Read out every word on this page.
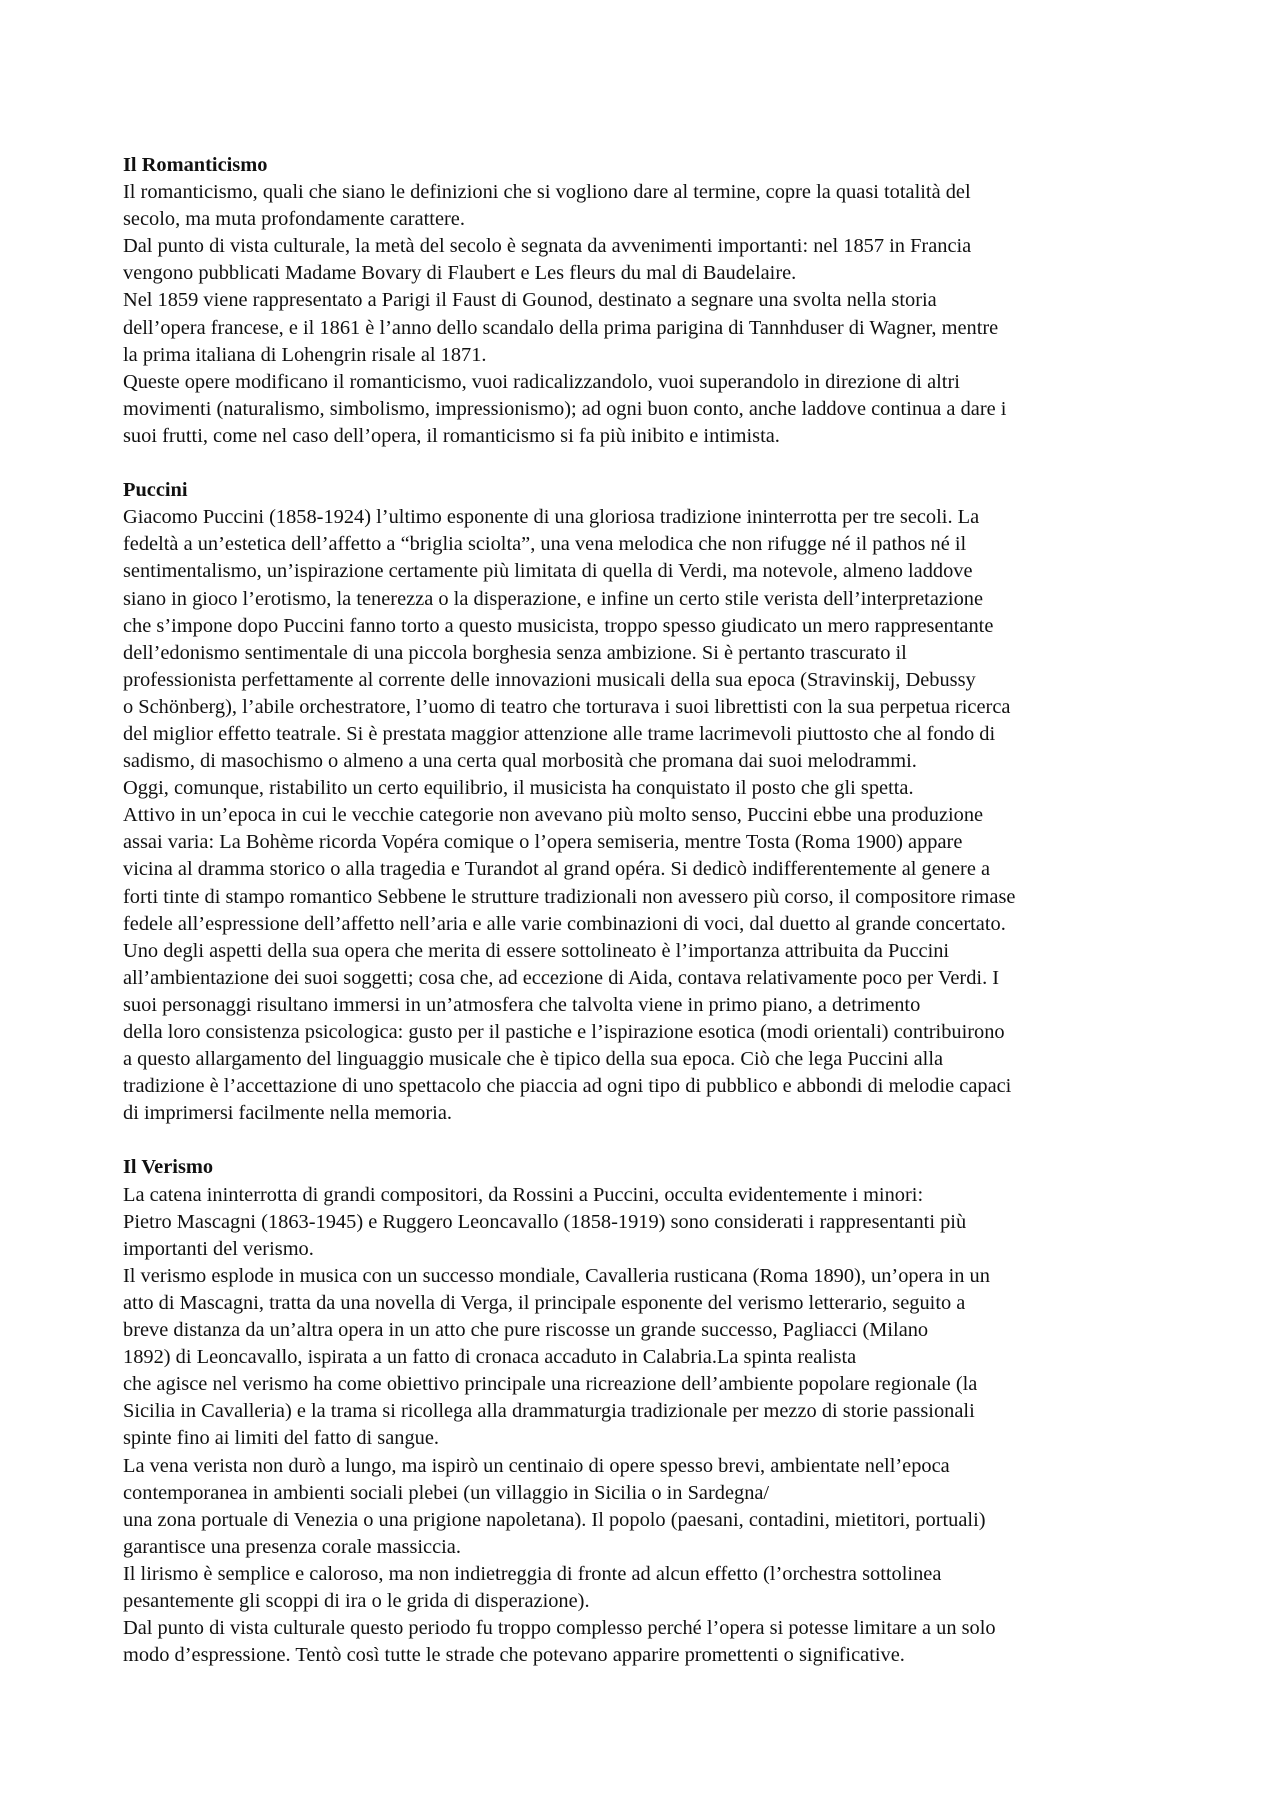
Il Romanticismo
Il romanticismo, quali che siano le definizioni che si vogliono dare al termine, copre la quasi totalità del
secolo, ma muta profondamente carattere.
Dal punto di vista culturale, la metà del secolo è segnata da avvenimenti importanti: nel 1857 in Francia
vengono pubblicati Madame Bovary di Flaubert e Les fleurs du mal di Baudelaire.
Nel 1859 viene rappresentato a Parigi il Faust di Gounod, destinato a segnare una svolta nella storia
dell’opera francese, e il 1861 è l’anno dello scandalo della prima parigina di Tannhduser di Wagner, mentre
la prima italiana di Lohengrin risale al 1871.
Queste opere modificano il romanticismo, vuoi radicalizzandolo, vuoi superandolo in direzione di altri
movimenti (naturalismo, simbolismo, impressionismo); ad ogni buon conto, anche laddove continua a dare i
suoi frutti, come nel caso dell’opera, il romanticismo si fa più inibito e intimista.
Puccini
Giacomo Puccini (1858-1924) l’ultimo esponente di una gloriosa tradizione ininterrotta per tre secoli. La
fedeltà a un’estetica dell’affetto a “briglia sciolta”, una vena melodica che non rifugge né il pathos né il
sentimentalismo, un’ispirazione certamente più limitata di quella di Verdi, ma notevole, almeno laddove
siano in gioco l’erotismo, la tenerezza o la disperazione, e infine un certo stile verista dell’interpretazione
che s’impone dopo Puccini fanno torto a questo musicista, troppo spesso giudicato un mero rappresentante
dell’edonismo sentimentale di una piccola borghesia senza ambizione. Si è pertanto trascurato il
professionista perfettamente al corrente delle innovazioni musicali della sua epoca (Stravinskij, Debussy
o Schönberg), l’abile orchestratore, l’uomo di teatro che torturava i suoi librettisti con la sua perpetua ricerca
del miglior effetto teatrale. Si è prestata maggior attenzione alle trame lacrimevoli piuttosto che al fondo di
sadismo, di masochismo o almeno a una certa qual morbosità che promana dai suoi melodrammi.
Oggi, comunque, ristabilito un certo equilibrio, il musicista ha conquistato il posto che gli spetta.
Attivo in un’epoca in cui le vecchie categorie non avevano più molto senso, Puccini ebbe una produzione
assai varia: La Bohème ricorda Vopéra comique o l’opera semiseria, mentre Tosta (Roma 1900) appare
vicina al dramma storico o alla tragedia e Turandot al grand opéra. Si dedicò indifferentemente al genere a
forti tinte di stampo romantico Sebbene le strutture tradizionali non avessero più corso, il compositore rimase
fedele all’espressione dell’affetto nell’aria e alle varie combinazioni di voci, dal duetto al grande concertato.
Uno degli aspetti della sua opera che merita di essere sottolineato è l’importanza attribuita da Puccini
all’ambientazione dei suoi soggetti; cosa che, ad eccezione di Aida, contava relativamente poco per Verdi. I
suoi personaggi risultano immersi in un’atmosfera che talvolta viene in primo piano, a detrimento
della loro consistenza psicologica: gusto per il pastiche e l’ispirazione esotica (modi orientali) contribuirono
a questo allargamento del linguaggio musicale che è tipico della sua epoca. Ciò che lega Puccini alla
tradizione è l’accettazione di uno spettacolo che piaccia ad ogni tipo di pubblico e abbondi di melodie capaci
di imprimersi facilmente nella memoria.
Il Verismo
La catena ininterrotta di grandi compositori, da Rossini a Puccini, occulta evidentemente i minori:
Pietro Mascagni (1863-1945) e Ruggero Leoncavallo (1858-1919) sono considerati i rappresentanti più
importanti del verismo.
Il verismo esplode in musica con un successo mondiale, Cavalleria rusticana (Roma 1890), un’opera in un
atto di Mascagni, tratta da una novella di Verga, il principale esponente del verismo letterario, seguito a
breve distanza da un’altra opera in un atto che pure riscosse un grande successo, Pagliacci (Milano
1892) di Leoncavallo, ispirata a un fatto di cronaca accaduto in Calabria.La spinta realista
che agisce nel verismo ha come obiettivo principale una ricreazione dell’ambiente popolare regionale (la
Sicilia in Cavalleria) e la trama si ricollega alla drammaturgia tradizionale per mezzo di storie passionali
spinte fino ai limiti del fatto di sangue.
La vena verista non durò a lungo, ma ispirò un centinaio di opere spesso brevi, ambientate nell’epoca
contemporanea in ambienti sociali plebei (un villaggio in Sicilia o in Sardegna/
una zona portuale di Venezia o una prigione napoletana). Il popolo (paesani, contadini, mietitori, portuali)
garantisce una presenza corale massiccia.
Il lirismo è semplice e caloroso, ma non indietreggia di fronte ad alcun effetto (l’orchestra sottolinea
pesantemente gli scoppi di ira o le grida di disperazione).
Dal punto di vista culturale questo periodo fu troppo complesso perché l’opera si potesse limitare a un solo
modo d’espressione. Tentò così tutte le strade che potevano apparire promettenti o significative.
